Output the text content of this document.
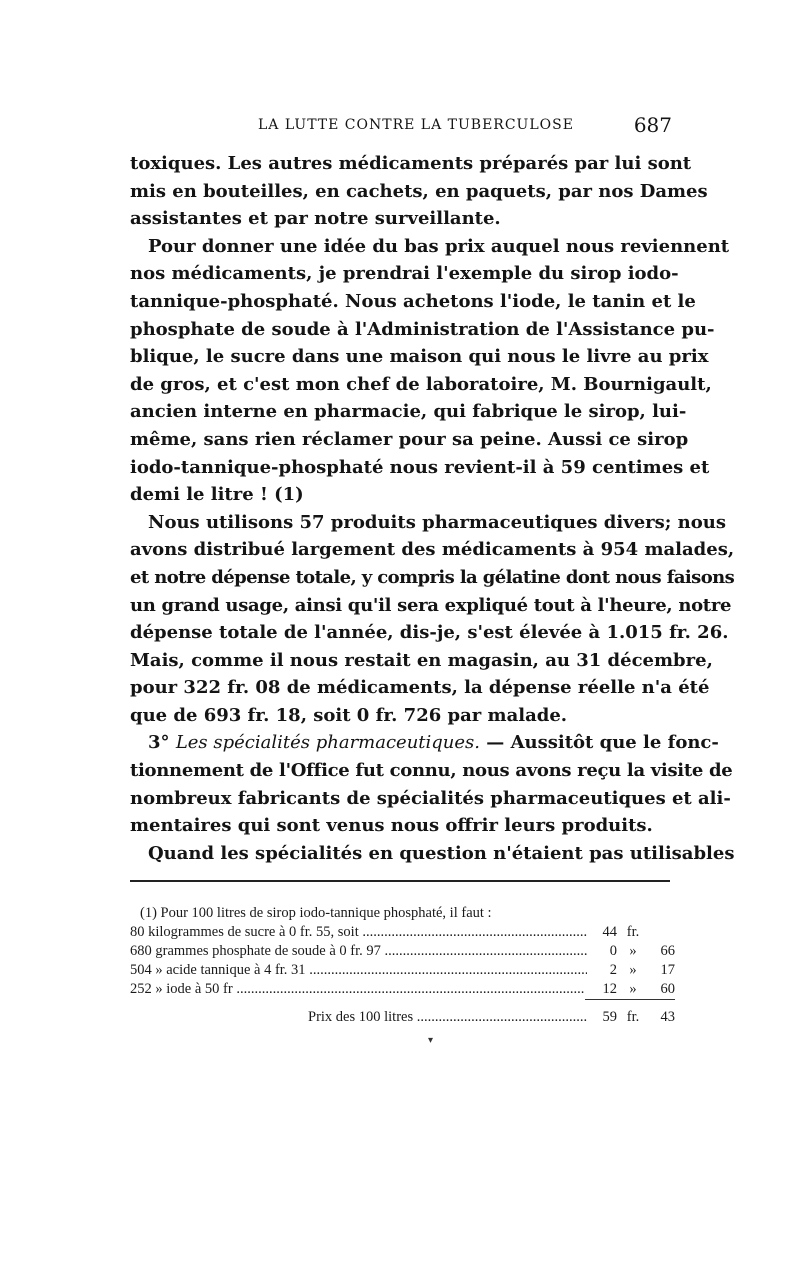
LA LUTTE CONTRE LA TUBERCULOSE	687
toxiques. Les autres médicaments préparés par lui sont
mis en bouteilles, en cachets, en paquets, par nos Dames
assistantes et par notre surveillante.
Pour donner une idée du bas prix auquel nous reviennent
nos médicaments, je prendrai l'exemple du sirop iodo-
tannique-phosphaté. Nous achetons l'iode, le tanin et le
phosphate de soude à l'Administration de l'Assistance pu-
blique, le sucre dans une maison qui nous le livre au prix
de gros, et c'est mon chef de laboratoire, M. Bournigault,
ancien interne en pharmacie, qui fabrique le sirop, lui-
même, sans rien réclamer pour sa peine. Aussi ce sirop
iodo-tannique-phosphaté nous revient-il à 59 centimes et
demi le litre ! (1)
Nous utilisons 57 produits pharmaceutiques divers; nous
avons distribué largement des médicaments à 954 malades,
et notre dépense totale, y compris la gélatine dont nous faisons
un grand usage, ainsi qu'il sera expliqué tout à l'heure, notre
dépense totale de l'année, dis-je, s'est élevée à 1.015 fr. 26.
Mais, comme il nous restait en magasin, au 31 décembre,
pour 322 fr. 08 de médicaments, la dépense réelle n'a été
que de 693 fr. 18, soit 0 fr. 726 par malade.
3° Les spécialités pharmaceutiques. — Aussitôt que le fonc-
tionnement de l'Office fut connu, nous avons reçu la visite de
nombreux fabricants de spécialités pharmaceutiques et ali-
mentaires qui sont venus nous offrir leurs produits.
Quand les spécialités en question n'étaient pas utilisables
(1) Pour 100 litres de sirop iodo-tannique phosphaté, il faut :
80 kilogrammes de sucre à 0 fr. 55, soit .....	44 fr.
680 grammes phosphate de soude à 0 fr. 97 .....	0 »	66
504 » acide tannique à 4 fr. 31 .....	2 »	17
252 » iode à 50 fr .....	12 »	60
Prix des 100 litres .....	59 fr.	43
▾
